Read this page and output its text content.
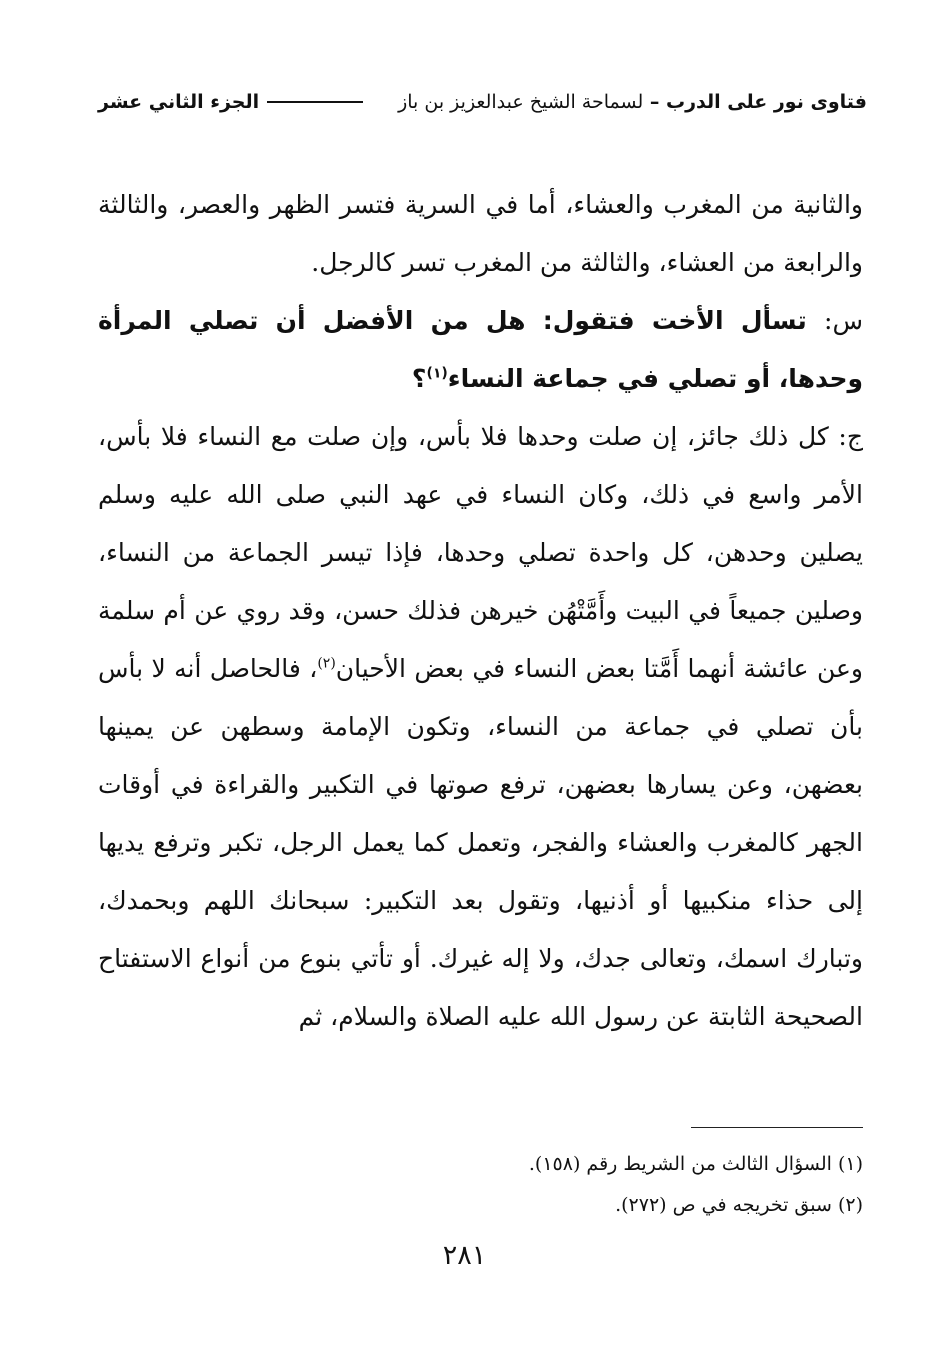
فتاوى نور على الدرب – لسماحة الشيخ عبدالعزيز بن باز
الجزء الثاني عشر

والثانية من المغرب والعشاء، أما في السرية فتسر الظهر والعصر، والثالثة والرابعة من العشاء، والثالثة من المغرب تسر كالرجل.

س: تسأل الأخت فتقول: هل من الأفضل أن تصلي المرأة وحدها، أو تصلي في جماعة النساء$^{(١)}$؟

ج: كل ذلك جائز، إن صلت وحدها فلا بأس، وإن صلت مع النساء فلا بأس، الأمر واسع في ذلك، وكان النساء في عهد النبي صلى الله عليه وسلم يصلين وحدهن، كل واحدة تصلي وحدها، فإذا تيسر الجماعة من النساء، وصلين جميعاً في البيت وأَمَّتْهُن خيرهن فذلك حسن، وقد روي عن أم سلمة وعن عائشة أنهما أَمَّتا بعض النساء في بعض الأحيان$^{(٢)}$، فالحاصل أنه لا بأس بأن تصلي في جماعة من النساء، وتكون الإمامة وسطهن عن يمينها بعضهن، وعن يسارها بعضهن، ترفع صوتها في التكبير والقراءة في أوقات الجهر كالمغرب والعشاء والفجر، وتعمل كما يعمل الرجل، تكبر وترفع يديها إلى حذاء منكبيها أو أذنيها، وتقول بعد التكبير: سبحانك اللهم وبحمدك، وتبارك اسمك، وتعالى جدك، ولا إله غيرك. أو تأتي بنوع من أنواع الاستفتاح الصحيحة الثابتة عن رسول الله عليه الصلاة والسلام، ثم

(١) السؤال الثالث من الشريط رقم (١٥٨).

(٢) سبق تخريجه في ص (٢٧٢).

٢٨١
